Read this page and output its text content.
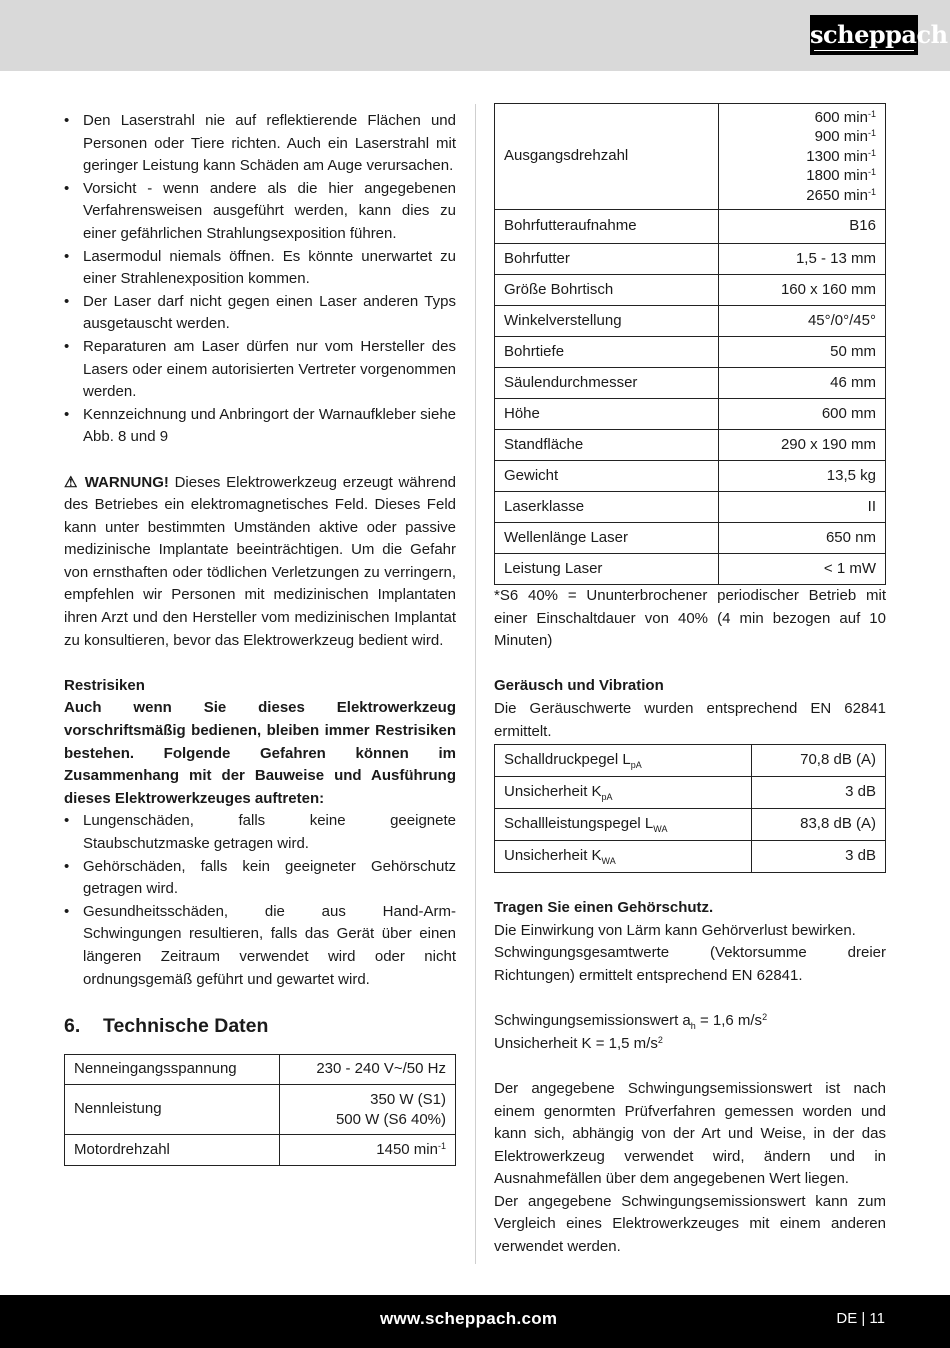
scheppach
• Den Laserstrahl nie auf reflektierende Flächen und Personen oder Tiere richten. Auch ein Laserstrahl mit geringer Leistung kann Schäden am Auge verursachen.
• Vorsicht - wenn andere als die hier angegebenen Verfahrensweisen ausgeführt werden, kann dies zu einer gefährlichen Strahlungsexposition führen.
• Lasermodul niemals öffnen. Es könnte unerwartet zu einer Strahlenexposition kommen.
• Der Laser darf nicht gegen einen Laser anderen Typs ausgetauscht werden.
• Reparaturen am Laser dürfen nur vom Hersteller des Lasers oder einem autorisierten Vertreter vorgenommen werden.
• Kennzeichnung und Anbringort der Warnaufkleber siehe Abb. 8 und 9

⚠ WARNUNG! Dieses Elektrowerkzeug erzeugt während des Betriebes ein elektromagnetisches Feld. Dieses Feld kann unter bestimmten Umständen aktive oder passive medizinische Implantate beeinträchtigen. Um die Gefahr von ernsthaften oder tödlichen Verletzungen zu verringern, empfehlen wir Personen mit medizinischen Implantaten ihren Arzt und den Hersteller vom medizinischen Implantat zu konsultieren, bevor das Elektrowerkzeug bedient wird.

Restrisiken

Auch wenn Sie dieses Elektrowerkzeug vorschriftsmäßig bedienen, bleiben immer Restrisiken bestehen. Folgende Gefahren können im Zusammenhang mit der Bauweise und Ausführung dieses Elektrowerkzeuges auftreten:

• Lungenschäden, falls keine geeignete Staubschutzmaske getragen wird.
• Gehörschäden, falls kein geeigneter Gehörschutz getragen wird.
• Gesundheitsschäden, die aus Hand-Arm-Schwingungen resultieren, falls das Gerät über einen längeren Zeitraum verwendet wird oder nicht ordnungsgemäß geführt und gewartet wird.
6. Technische Daten
Nenneingangsspannung	230 - 240 V~/50 Hz
Nennleistung	350 W (S1)
500 W (S6 40%)
Motordrehzahl	1450 $\min^{-1}$
Ausgangsdrehzahl	600 $\min^{-1}$
900 $\min^{-1}$
1300 $\min^{-1}$
1800 $\min^{-1}$
2650 $\min^{-1}$
Bohrfutteraufnahme	B16
Bohrfutter	1,5 - 13 mm
Größe Bohrtisch	160 x 160 mm
Winkelverstellung	45°/0°/45°
Bohrtiefe	50 mm
Säulendurchmesser	46 mm
Höhe	600 mm
Standfläche	290 x 190 mm
Gewicht	13,5 kg
Laserklasse	II
Wellenlänge Laser	650 nm
Leistung Laser	< 1 mW

*S6 40% = Ununterbrochener periodischer Betrieb mit einer Einschaltdauer von 40% (4 min bezogen auf 10 Minuten)

Geräusch und Vibration

Die Geräuschwerte wurden entsprechend EN 62841 ermittelt.

Schalldruckpegel $L_{pA}$	70,8 dB (A)
Unsicherheit $K_{pA}$	3 dB
Schallleistungspegel $L_{WA}$	83,8 dB (A)
Unsicherheit $K_{WA}$	3 dB

Tragen Sie einen Gehörschutz.

Die Einwirkung von Lärm kann Gehörverlust bewirken.

Schwingungsgesamtwerte (Vektorsumme dreier Richtungen) ermittelt entsprechend EN 62841.

Schwingungsemissionswert $a_h = 1,6$ $m/s^2$

Unsicherheit K = 1,5 $m/s^2$

Der angegebene Schwingungsemissionswert ist nach einem genormten Prüfverfahren gemessen worden und kann sich, abhängig von der Art und Weise, in der das Elektrowerkzeug verwendet wird, ändern und in Ausnahmefällen über dem angegebenen Wert liegen.

Der angegebene Schwingungsemissionswert kann zum Vergleich eines Elektrowerkzeuges mit einem anderen verwendet werden.

www.scheppach.com	DE | 11
